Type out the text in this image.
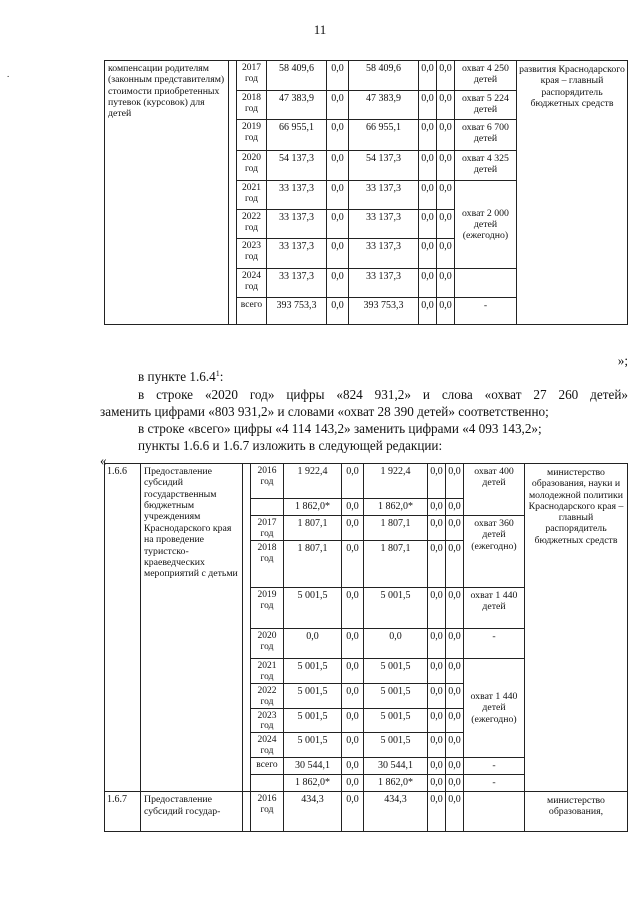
11
.	компенсации родителям (законным представителям) стоимости приобретенных путевок (курсовок) для детей		2017 год	58 409,6	0,0	58 409,6	0,0	0,0	охват 4 250 детей	развития Краснодарского края – главный распорядитель бюджетных средств
		2018 год	47 383,9	0,0	47 383,9	0,0	0,0	охват 5 224 детей	
		2019 год	66 955,1	0,0	66 955,1	0,0	0,0	охват 6 700 детей	
		2020 год	54 137,3	0,0	54 137,3	0,0	0,0	охват 4 325 детей	
		2021 год	33 137,3	0,0	33 137,3	0,0	0,0	охват 2 000 детей (ежегодно)	
		2022 год	33 137,3	0,0	33 137,3	0,0	0,0		
		2023 год	33 137,3	0,0	33 137,3	0,0	0,0		
		2024 год	33 137,3	0,0	33 137,3	0,0	0,0		
		всего	393 753,3	0,0	393 753,3	0,0	0,0	-	
»;
в пункте 1.6.4$^1$:
в строке «2020 год» цифры «824 931,2» и слова «охват 27 260 детей»
заменить цифрами «803 931,2» и словами «охват 28 390 детей» соответственно;
в строке «всего» цифры «4 114 143,2» заменить цифрами «4 093 143,2»;
пункты 1.6.6 и 1.6.7 изложить в следующей редакции:
«
1.6.6	Предоставление субсидий государственным бюджетным учреждениям Краснодарского края на проведение туристско-краеведческих мероприятий с детьми		2016 год	1 922,4	0,0	1 922,4	0,0	0,0	охват 400 детей	министерство образования, науки и молодежной политики Краснодарского края – главный распорядитель бюджетных средств
				1 862,0*	0,0	1 862,0*	0,0	0,0		
			2017 год	1 807,1	0,0	1 807,1	0,0	0,0	охват 360 детей (ежегодно)	
			2018 год	1 807,1	0,0	1 807,1	0,0	0,0		
			2019 год	5 001,5	0,0	5 001,5	0,0	0,0	охват 1 440 детей	
			2020 год	0,0	0,0	0,0	0,0	0,0	-	
			2021 год	5 001,5	0,0	5 001,5	0,0	0,0	охват 1 440 детей (ежегодно)	
			2022 год	5 001,5	0,0	5 001,5	0,0	0,0		
			2023 год	5 001,5	0,0	5 001,5	0,0	0,0		
			2024 год	5 001,5	0,0	5 001,5	0,0	0,0		
			всего	30 544,1	0,0	30 544,1	0,0	0,0	-	
				1 862,0*	0,0	1 862,0*	0,0	0,0	-	
1.6.7	Предоставление субсидий государ-		2016 год	434,3	0,0	434,3	0,0	0,0		министерство образования,
